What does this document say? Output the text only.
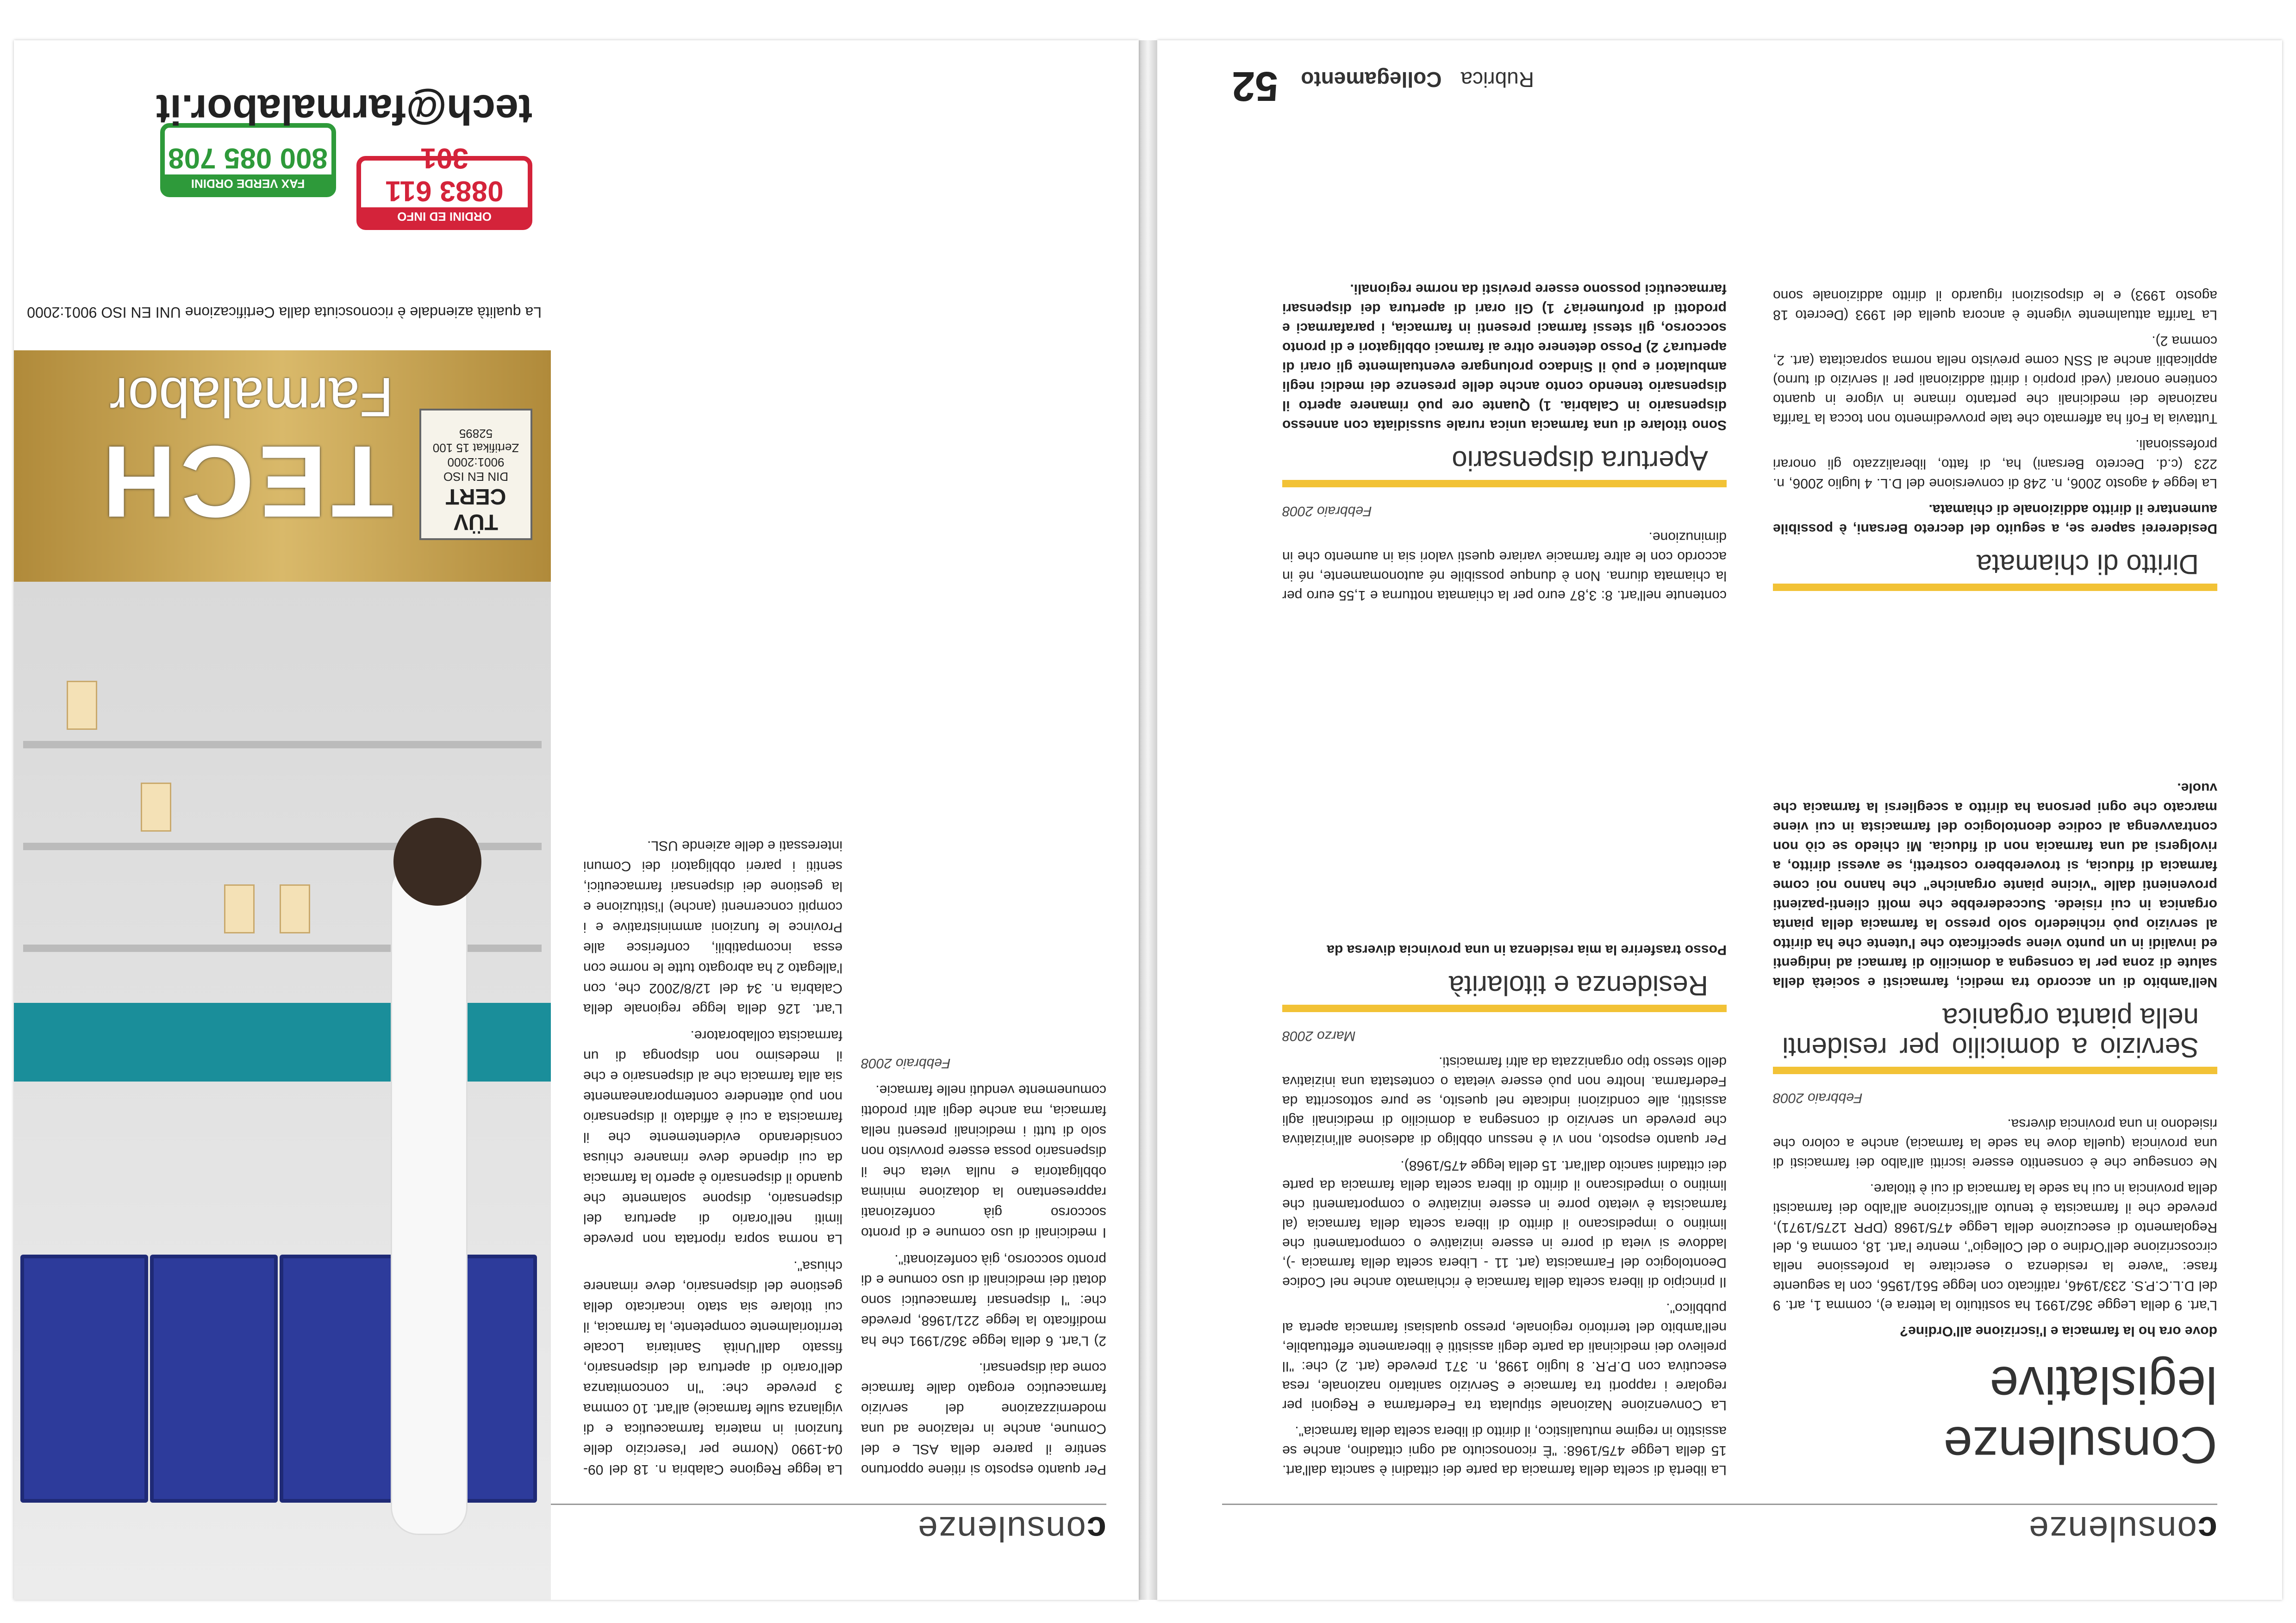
consulenze
Consulenze legislative

dove ora ho la farmacia e l'iscrizione all'Ordine?

L'art. 9 della Legge 362/1991 ha sostituito la lettera e), comma 1, art. 9 del D.L.C.P.S. 233/1946, ratificato con legge 561/1956, con la seguente frase: "avere la residenza o esercitare la professione nella circoscrizione dell'Ordine o del Collegio", mentre l'art. 18, comma 6, del Regolamento di esecuzione della Legge 475/1968 (DPR 1275/1971), prevede che il farmacista è tenuto all'iscrizione all'albo dei farmacisti della provincia in cui ha sede la farmacia di cui è titolare.

Ne consegue che è consentito essere iscritti all'albo dei farmacisti di una provincia (quella dove ha sede la farmacia) anche a coloro che risiedono in una provincia diversa.

Febbraio 2008

Servizio a domicilio per residenti nella pianta organica

Nell'ambito di un accordo tra medici, farmacisti e società della salute di zona per la consegna a domicilio di farmaci ad indigenti ed invalidi in un punto viene specificato che l'utente che ha diritto al servizio può richiederlo solo presso la farmacia della pianta organica in cui risiede. Succederebbe che molti clienti-pazienti provenienti dalle "vicine piante organiche" che hanno noi come farmacia di fiducia, si troverebbero costretti, se avessi diritto, a rivolgersi ad una farmacia non di fiducia. Mi chiedo se ciò non contravvenga al codice deontologico del farmacista in cui viene marcato che ogni persona ha diritto a scegliersi la farmacia che vuole.

La libertà di scelta della farmacia da parte dei cittadini è sancita dall'art. 15 della Legge 475/1968: "È riconosciuto ad ogni cittadino, anche se assistito in regime mutualistico, il diritto di libera scelta della farmacia".

La Convenzione Nazionale stipulata tra Federfarma e Regioni per regolare i rapporti tra farmacie e Servizio sanitario nazionale, resa esecutiva con D.P.R. 8 luglio 1998, n. 371 prevede (art. 2) che: "Il prelievo dei medicinali da parte degli assistiti è liberamente effettuabile, nell'ambito del territorio regionale, presso qualsiasi farmacia aperta al pubblico".

Il principio di libera scelta della farmacia è richiamato anche nel Codice Deontologico del Farmacista (art. 11 - Libera scelta della farmacia -), laddove si vieta di porre in essere iniziative o comportamenti che limitino o impediscano il diritto di libera scelta della farmacia (al farmacista è vietato porre in essere iniziative o comportamenti che limitino o impediscano il diritto di libera scelta della farmacia da parte dei cittadini sancito dall'art. 15 della legge 475/1968).

Per quanto esposto, non vi è nessun obbligo di adesione all'iniziativa che prevede un servizio di consegna a domicilio di medicinali agli assistiti, alle condizioni indicate nel quesito, se pure sottoscritta da Federfarma. Inoltre non può essere vietata o contestata una iniziativa dello stesso tipo organizzata da altri farmacisti.

Marzo 2008

Residenza e titolarità

Posso trasferire la mia residenza in una provincia diversa da

Rubrica Collegamento 52
Diritto di chiamata

Desidererei sapere se, a seguito del decreto Bersani, è possibile aumentare il diritto addizionale di chiamata.

La legge 4 agosto 2006, n. 248 di conversione del D.L. 4 luglio 2006, n. 223 (c.d. Decreto Bersani) ha, di fatto, liberalizzato gli onorari professionali.

Tuttavia la Fofi ha affermato che tale provvedimento non tocca la Tariffa nazionale dei medicinali che pertanto rimane in vigore in quanto contiene onorari (vedi proprio i diritti addizionali per il servizio di turno) applicabili anche al SSN come previsto nella norma sopracitata (art. 2, comma 2).

La Tariffa attualmente vigente è ancora quella del 1993 (Decreto 18 agosto 1993) e le disposizioni riguardo il diritto addizionale sono contenute nell'art. 8: 3,87 euro per la chiamata notturna e 1,55 euro per la chiamata diurna. Non è dunque possibile né autonomamente, né in accordo con le altre farmacie variare questi valori sia in aumento che in diminuzione.

Febbraio 2008

Apertura dispensario

Sono titolare di una farmacia unica rurale sussidiata con annesso dispensario in Calabria. 1) Quante ore può rimanere aperto il dispensario tenendo conto anche delle presenze dei medici negli ambulatori e può il Sindaco prolungare eventualmente gli orari di apertura? 2) Posso detenere oltre ai farmaci obbligatori e di pronto soccorso, gli stessi farmaci presenti in farmacia, i parafarmaci e prodotti di profumeria? 1) Gli orari di apertura dei dispensari farmaceutici possono essere previsti da norme regionali.

consulenze

Per quanto esposto si ritiene opportuno sentire il parere della ASL e del Comune, anche in relazione ad una modernizzazione del servizio farmaceutico erogato dalle farmacie come dai dispensari.

2) L'art. 6 della legge 362/1991 che ha modificato la legge 221/1968, prevede che: "I dispensari farmaceutici sono dotati dei medicinali di uso comune e di pronto soccorso, già confezionati".

I medicinali di uso comune e di pronto soccorso già confezionati rappresentano la dotazione minima obbligatoria e nulla vieta che il dispensario possa essere provvisto non solo di tutti i medicinali presenti nella farmacia, ma anche degli altri prodotti comunemente venduti nelle farmacie.

Febbraio 2008

La legge Regione Calabria n. 18 del 09-04-1990 (Norme per l'esercizio delle funzioni in materia farmaceutica e di vigilanza sulle farmacie) all'art. 10 comma 3 prevede che: "In concomitanza dell'orario di apertura del dispensario, fissato dall'Unità Sanitaria Locale territorialmente competente, la farmacia, il cui titolare sia stato incaricato della gestione del dispensario, deve rimanere chiusa".

La norma sopra riportata non prevede limiti nell'orario di apertura del dispensario, dispone solamente che quando il dispensario è aperto la farmacia da cui dipende deve rimanere chiusa considerando evidentemente che il farmacista a cui è affidato il dispensario non può attendere contemporaneamente sia alla farmacia che al dispensario e che il medesimo non disponga di un farmacista collaboratore.

L'art. 126 della legge regionale della Calabria n. 34 del 12/8/2002 che, con l'allegato 2 ha abrogato tutte le norme con essa incompatibili, conferisce alle Province le funzioni amministrative e i compiti concernenti (anche) l'istituzione e la gestione dei dispensari farmaceutici, sentiti i pareri obbligatori dei Comuni interessati e delle aziende USL.

TECH
Farmalabor
TÜV CERT
DIN EN ISO 9001:2000 Zertifikat 15 100 52895
La qualità aziendale è riconosciuta dalla Certificazione UNI EN ISO 9001:2000
ORDINI ED INFO
0883 611 301

FAX VERDE ORDINI
800 085 708
tech@farmalabor.it
